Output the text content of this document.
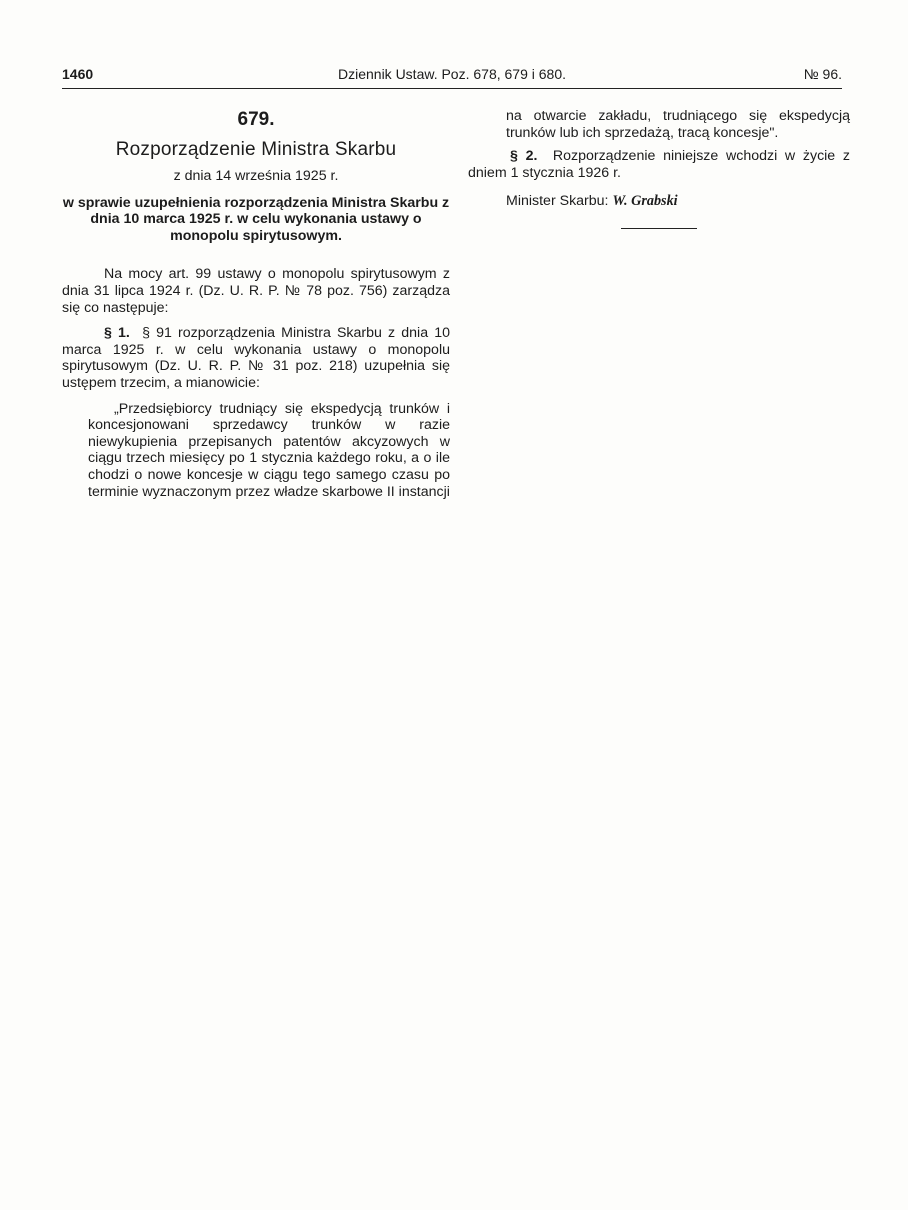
1460	Dziennik Ustaw. Poz. 678, 679 i 680.	№ 96.
679.
Rozporządzenie Ministra Skarbu
z dnia 14 września 1925 r.
w sprawie uzupełnienia rozporządzenia Ministra Skarbu z dnia 10 marca 1925 r. w celu wykonania ustawy o monopolu spirytusowym.

Na mocy art. 99 ustawy o monopolu spirytusowym z dnia 31 lipca 1924 r. (Dz. U. R. P. № 78 poz. 756) zarządza się co następuje:

§ 1. § 91 rozporządzenia Ministra Skarbu z dnia 10 marca 1925 r. w celu wykonania ustawy o monopolu spirytusowym (Dz. U. R. P. № 31 poz. 218) uzupełnia się ustępem trzecim, a mianowicie:

„Przedsiębiorcy trudniący się ekspedycją trunków i koncesjonowani sprzedawcy trunków w razie niewykupienia przepisanych patentów akcyzowych w ciągu trzech miesięcy po 1 stycznia każdego roku, a o ile chodzi o nowe koncesje w ciągu tego samego czasu po terminie wyznaczonym przez władze skarbowe II instancji

na otwarcie zakładu, trudniącego się ekspedycją trunków lub ich sprzedażą, tracą koncesje".

§ 2. Rozporządzenie niniejsze wchodzi w życie z dniem 1 stycznia 1926 r.

Minister Skarbu: W. Grabski
